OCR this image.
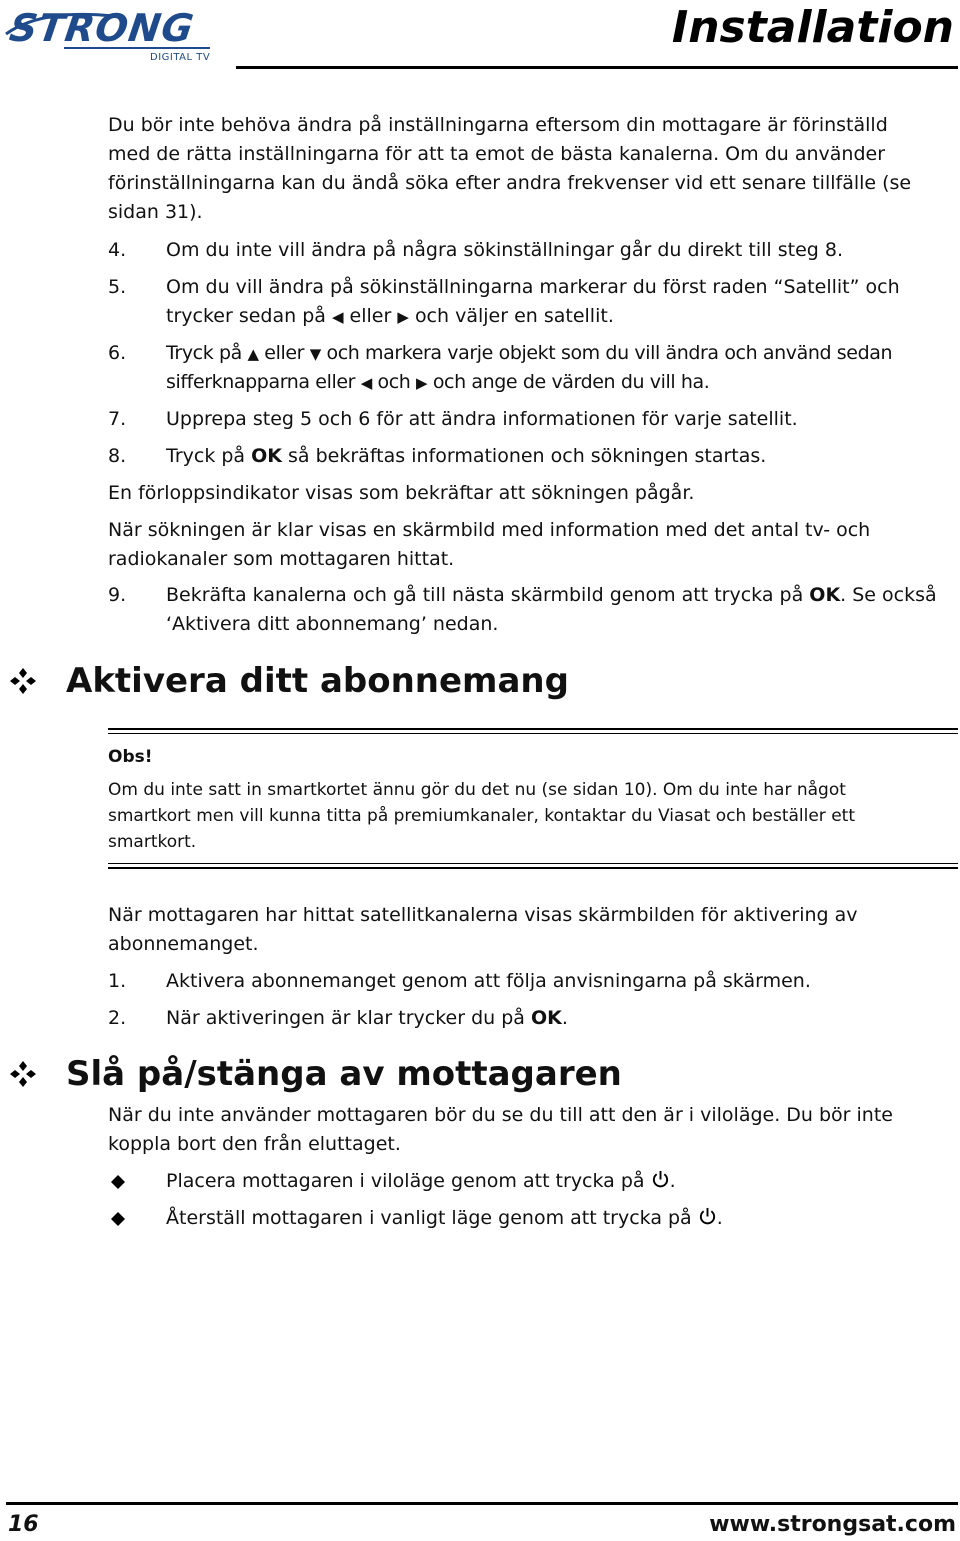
STRONG
DIGITAL TV
Installation
Du bör inte behöva ändra på inställningarna eftersom din mottagare är förinställd
med de rätta inställningarna för att ta emot de bästa kanalerna. Om du använder
förinställningarna kan du ändå söka efter andra frekvenser vid ett senare tillfälle (se
sidan 31).
4. Om du inte vill ändra på några sökinställningar går du direkt till steg 8.
5. Om du vill ändra på sökinställningarna markerar du först raden “Satellit” och
trycker sedan på ◀ eller ▶ och väljer en satellit.
6. Tryck på ▲ eller ▼ och markera varje objekt som du vill ändra och använd sedan
sifferknapparna eller ◀ och ▶ och ange de värden du vill ha.
7. Upprepa steg 5 och 6 för att ändra informationen för varje satellit.
8. Tryck på OK så bekräftas informationen och sökningen startas.
En förloppsindikator visas som bekräftar att sökningen pågår.
När sökningen är klar visas en skärmbild med information med det antal tv- och
radiokanaler som mottagaren hittat.
9. Bekräfta kanalerna och gå till nästa skärmbild genom att trycka på OK. Se också
‘Aktivera ditt abonnemang’ nedan.
Aktivera ditt abonnemang
Obs!
Om du inte satt in smartkortet ännu gör du det nu (se sidan 10). Om du inte har något
smartkort men vill kunna titta på premiumkanaler, kontaktar du Viasat och beställer ett
smartkort.
När mottagaren har hittat satellitkanalerna visas skärmbilden för aktivering av
abonnemanget.
1. Aktivera abonnemanget genom att följa anvisningarna på skärmen.
2. När aktiveringen är klar trycker du på OK.
Slå på/stänga av mottagaren
När du inte använder mottagaren bör du se du till att den är i viloläge. Du bör inte
koppla bort den från eluttaget.
Placera mottagaren i viloläge genom att trycka på .
Återställ mottagaren i vanligt läge genom att trycka på .
16	www.strongsat.com
